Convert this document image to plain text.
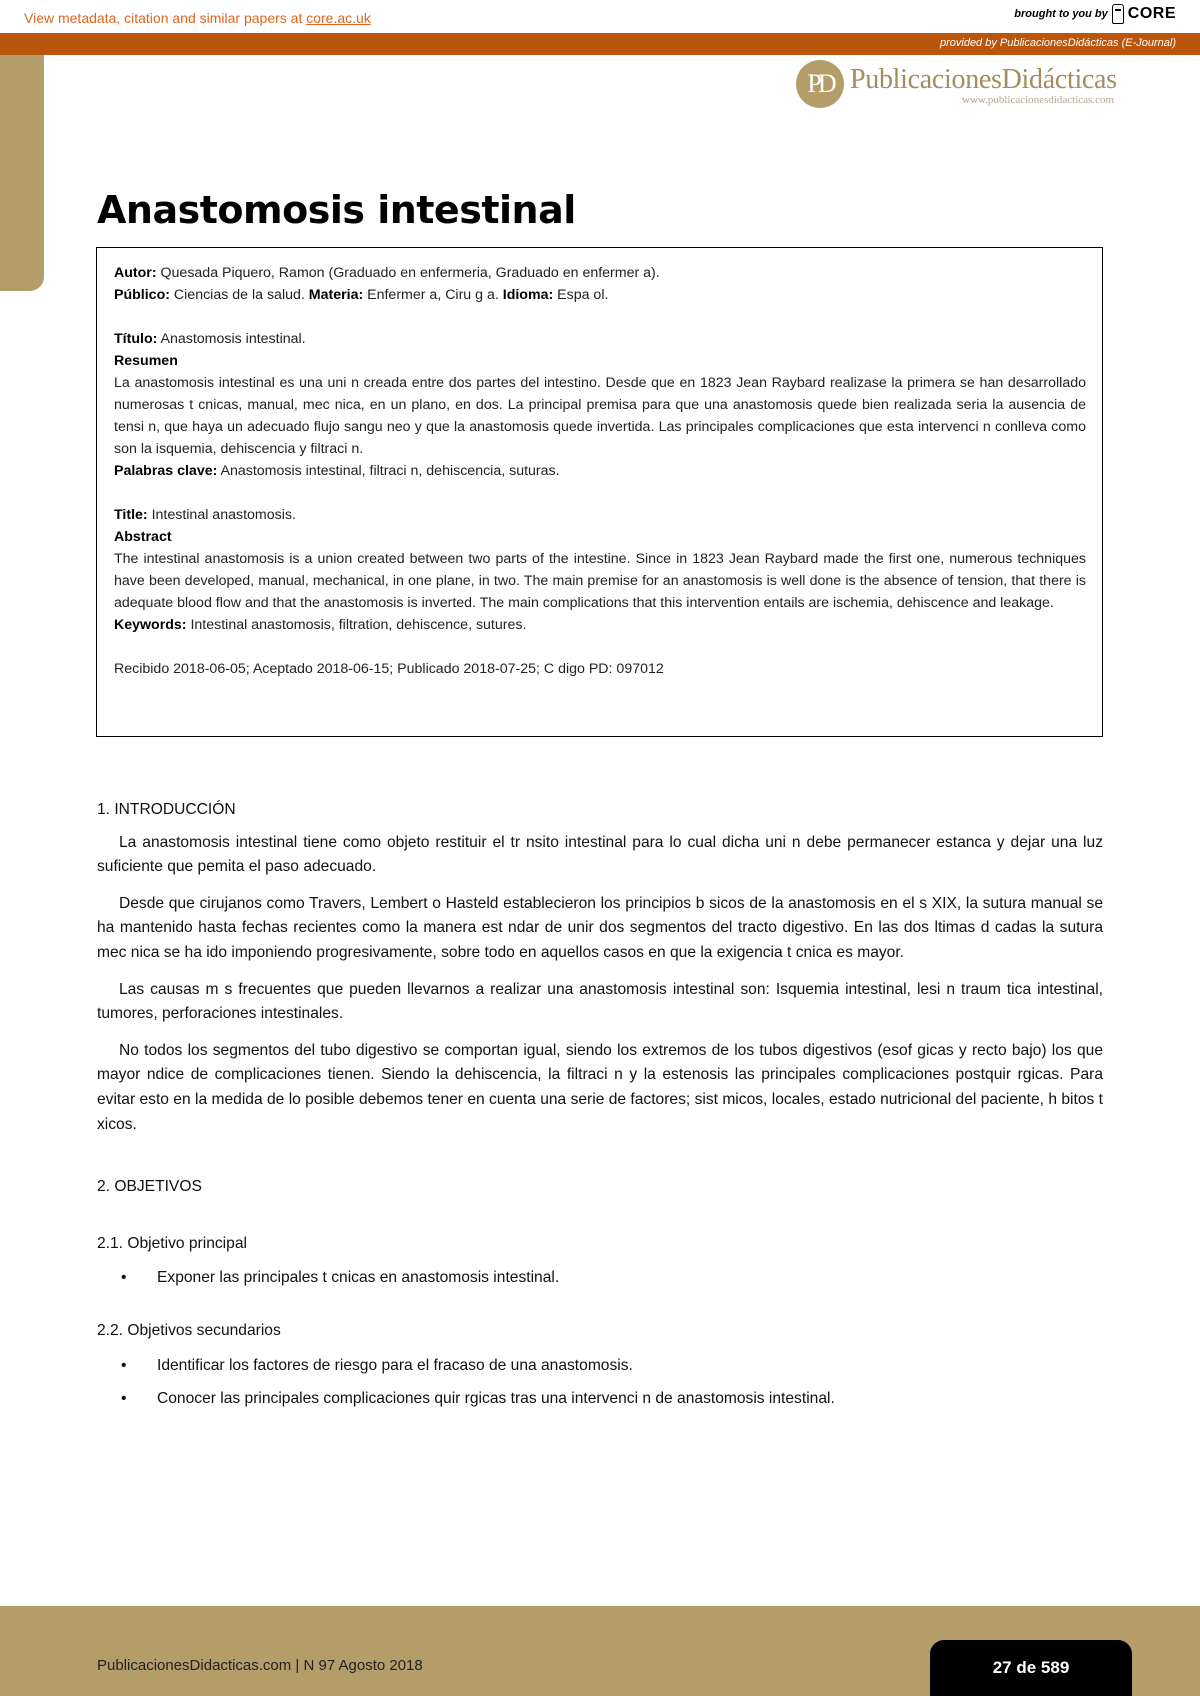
View metadata, citation and similar papers at core.ac.uk	brought to you by CORE
provided by PublicacionesDidácticas (E-Journal)
PD PublicacionesDidácticas
www.publicacionesdidacticas.com
Anastomosis intestinal

Autor: Quesada Piquero, Ramon (Graduado en enfermeria, Graduado en enfermer a).

Público: Ciencias de la salud. Materia: Enfermer a, Ciru g a. Idioma: Espa ol.

Título: Anastomosis intestinal.

Resumen

La anastomosis intestinal es una uni n creada entre dos partes del intestino. Desde que en 1823 Jean Raybard realizase la primera se han desarrollado numerosas t cnicas, manual, mec nica, en un plano, en dos. La principal premisa para que una anastomosis quede bien realizada seria la ausencia de tensi n, que haya un adecuado flujo sangu neo y que la anastomosis quede invertida. Las principales complicaciones que esta intervenci n conlleva como son la isquemia, dehiscencia y filtraci n.

Palabras clave: Anastomosis intestinal, filtraci n, dehiscencia, suturas.

Title: Intestinal anastomosis.

Abstract

The intestinal anastomosis is a union created between two parts of the intestine. Since in 1823 Jean Raybard made the first one, numerous techniques have been developed, manual, mechanical, in one plane, in two. The main premise for an anastomosis is well done is the absence of tension, that there is adequate blood flow and that the anastomosis is inverted. The main complications that this intervention entails are ischemia, dehiscence and leakage.

Keywords: Intestinal anastomosis, filtration, dehiscence, sutures.

Recibido 2018-06-05; Aceptado 2018-06-15; Publicado 2018-07-25; C digo PD: 097012

1. INTRODUCCIÓN

La anastomosis intestinal tiene como objeto restituir el tr nsito intestinal para lo cual dicha uni n debe permanecer estanca y dejar una luz suficiente que pemita el paso adecuado.

Desde que cirujanos como Travers, Lembert o Hasteld establecieron los principios b sicos de la anastomosis en el s XIX, la sutura manual se ha mantenido hasta fechas recientes como la manera est ndar de unir dos segmentos del tracto digestivo. En las dos ltimas d cadas la sutura mec nica se ha ido imponiendo progresivamente, sobre todo en aquellos casos en que la exigencia t cnica es mayor.

Las causas m s frecuentes que pueden llevarnos a realizar una anastomosis intestinal son: Isquemia intestinal, lesi n traum tica intestinal, tumores, perforaciones intestinales.

No todos los segmentos del tubo digestivo se comportan igual, siendo los extremos de los tubos digestivos (esof gicas y recto bajo) los que mayor ndice de complicaciones tienen. Siendo la dehiscencia, la filtraci n y la estenosis las principales complicaciones postquir rgicas. Para evitar esto en la medida de lo posible debemos tener en cuenta una serie de factores; sist micos, locales, estado nutricional del paciente, h bitos t xicos.

2. OBJETIVOS
2.1. Objetivo principal
• Exponer las principales t cnicas en anastomosis intestinal.
2.2. Objetivos secundarios
• Identificar los factores de riesgo para el fracaso de una anastomosis.
• Conocer las principales complicaciones quir rgicas tras una intervenci n de anastomosis intestinal.
PublicacionesDidacticas.com | N 97 Agosto 2018	27 de 589
